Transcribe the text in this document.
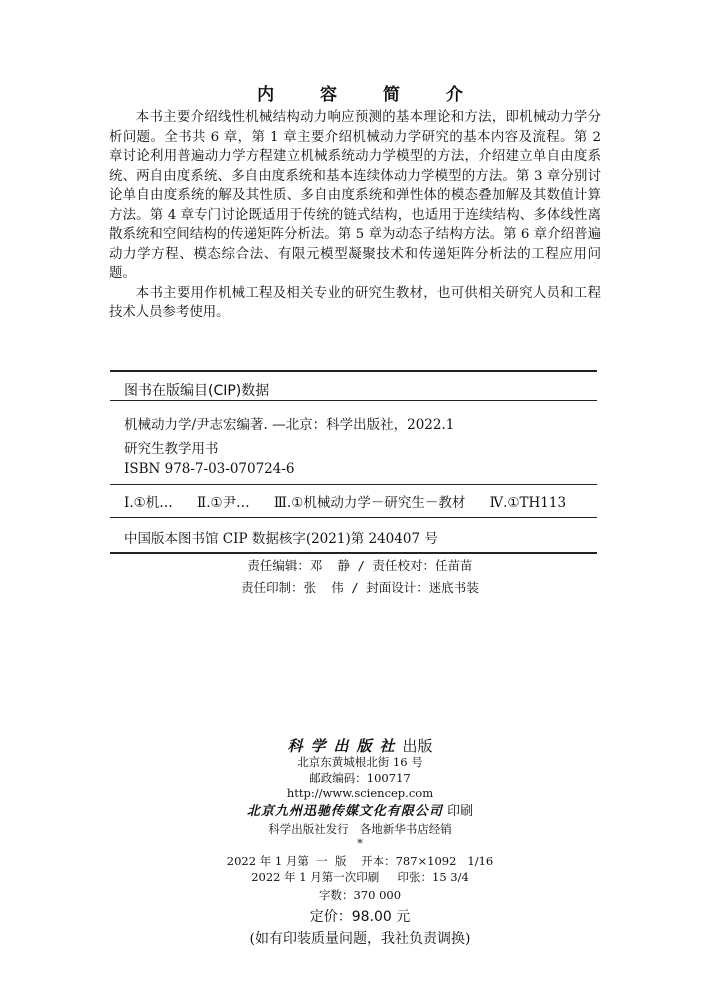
内 容 简 介

本书主要介绍线性机械结构动力响应预测的基本理论和方法，即机械动力学分析问题。全书共 6 章，第 1 章主要介绍机械动力学研究的基本内容及流程。第 2 章讨论利用普遍动力学方程建立机械系统动力学模型的方法，介绍建立单自由度系统、两自由度系统、多自由度系统和基本连续体动力学模型的方法。第 3 章分别讨论单自由度系统的解及其性质、多自由度系统和弹性体的模态叠加解及其数值计算方法。第 4 章专门讨论既适用于传统的链式结构，也适用于连续结构、多体线性离散系统和空间结构的传递矩阵分析法。第 5 章为动态子结构方法。第 6 章介绍普遍动力学方程、模态综合法、有限元模型凝聚技术和传递矩阵分析法的工程应用问题。

本书主要用作机械工程及相关专业的研究生教材，也可供相关研究人员和工程技术人员参考使用。

图书在版编目(CIP)数据
机械动力学/尹志宏编著. —北京：科学出版社，2022.1
研究生教学用书
ISBN 978-7-03-070724-6
Ⅰ.①机… Ⅱ.①尹… Ⅲ.①机械动力学－研究生－教材 Ⅳ.①TH113
中国版本图书馆 CIP 数据核字(2021)第 240407 号
责任编辑：邓  静 / 责任校对：任苗苗
责任印制：张  伟 / 封面设计：迷底书装
科学出版社出版
北京东黄城根北街 16 号
邮政编码：100717
http://www.sciencep.com
北京九州迅驰传媒文化有限公司 印刷
科学出版社发行   各地新华书店经销
*
2022 年 1 月第  一  版    开本：787×1092   1/16
2022 年 1 月第一次印刷     印张：15 3/4
字数：370 000
定价：98.00 元
(如有印装质量问题，我社负责调换)
